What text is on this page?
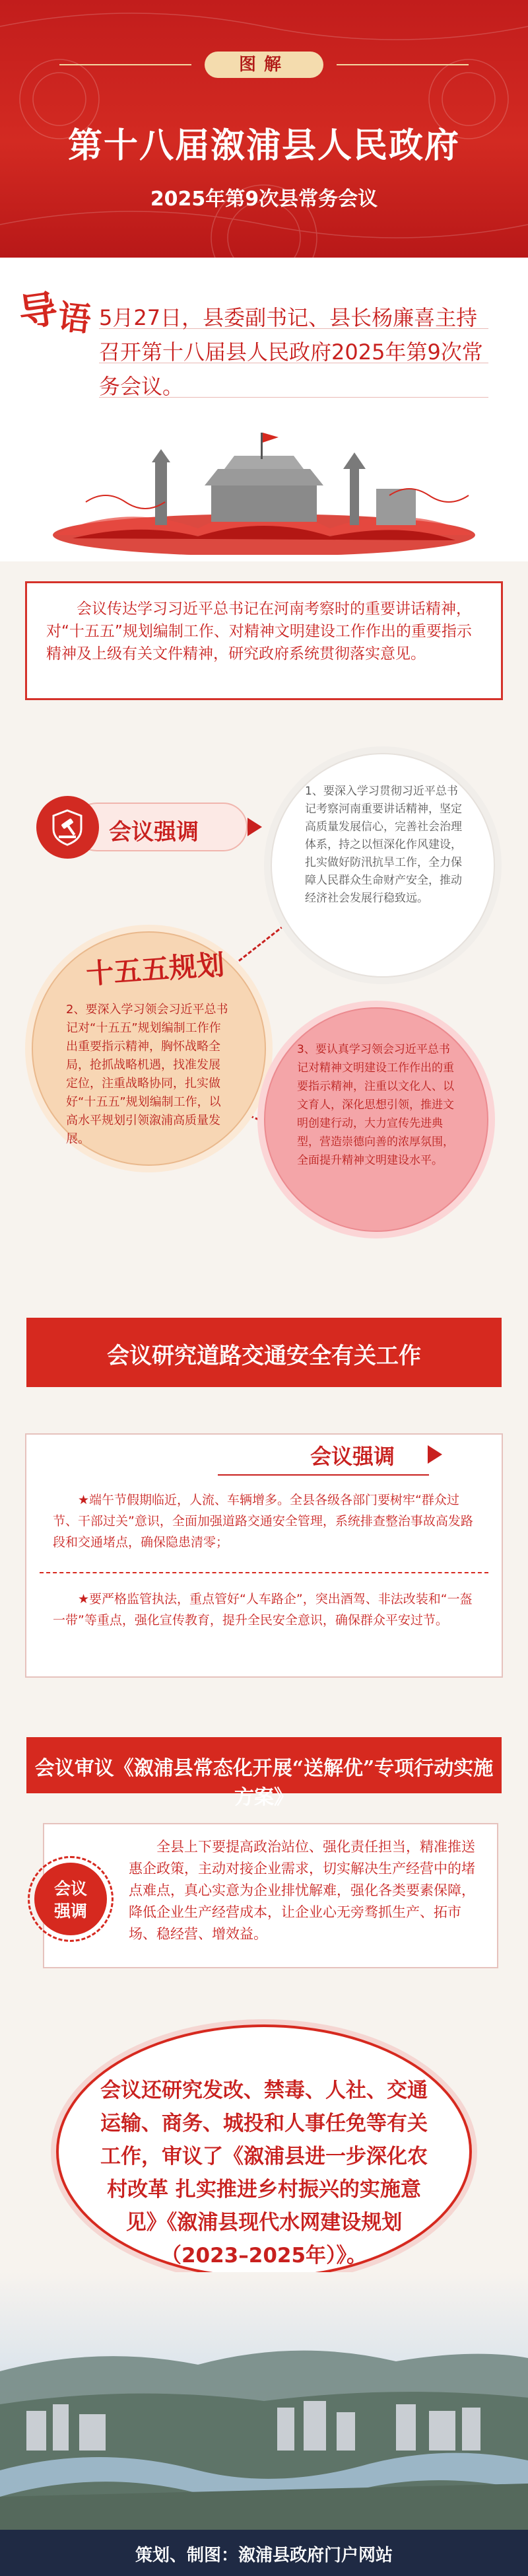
图解
第十八届溆浦县人民政府
2025年第9次县常务会议
导
语 5月27日，县委副书记、县长杨廉喜主持召开第十八届县人民政府2025年第9次常务会议。
会议传达学习习近平总书记在河南考察时的重要讲话精神，对“十五五”规划编制工作、对精神文明建设工作作出的重要指示精神及上级有关文件精神，研究政府系统贯彻落实意见。
1、要深入学习贯彻习近平总书记考察河南重要讲话精神，坚定高质量发展信心，完善社会治理体系，持之以恒深化作风建设，扎实做好防汛抗旱工作，全力保障人民群众生命财产安全，推动经济社会发展行稳致远。
十五五规划
2、要深入学习领会习近平总书记对“十五五”规划编制工作作出重要指示精神，胸怀战略全局，抢抓战略机遇，找准发展定位，注重战略协同，扎实做好“十五五”规划编制工作，以高水平规划引领溆浦高质量发展。
3、要认真学习领会习近平总书记对精神文明建设工作作出的重要指示精神，注重以文化人、以文育人，深化思想引领，推进文明创建行动，大力宣传先进典型，营造崇德向善的浓厚氛围，全面提升精神文明建设水平。
会议强调
会议研究道路交通安全有关工作
会议强调
★端午节假期临近，人流、车辆增多。全县各级各部门要树牢“群众过节、干部过关”意识，全面加强道路交通安全管理，系统排查整治事故高发路段和交通堵点，确保隐患清零；
★要严格监管执法，重点管好“人车路企”，突出酒驾、非法改装和“一盔一带”等重点，强化宣传教育，提升全民安全意识，确保群众平安过节。
会议审议《溆浦县常态化开展“送解优”专项行动实施方案》
会议强调
全县上下要提高政治站位、强化责任担当，精准推送惠企政策，主动对接企业需求，切实解决生产经营中的堵点难点，真心实意为企业排忧解难，强化各类要素保障，降低企业生产经营成本，让企业心无旁骛抓生产、拓市场、稳经营、增效益。
会议还研究发改、禁毒、人社、交通运输、商务、城投和人事任免等有关工作，审议了《溆浦县进一步深化农村改革 扎实推进乡村振兴的实施意见》《溆浦县现代水网建设规划（2023–2025年）》。
策划、制图：溆浦县政府门户网站
